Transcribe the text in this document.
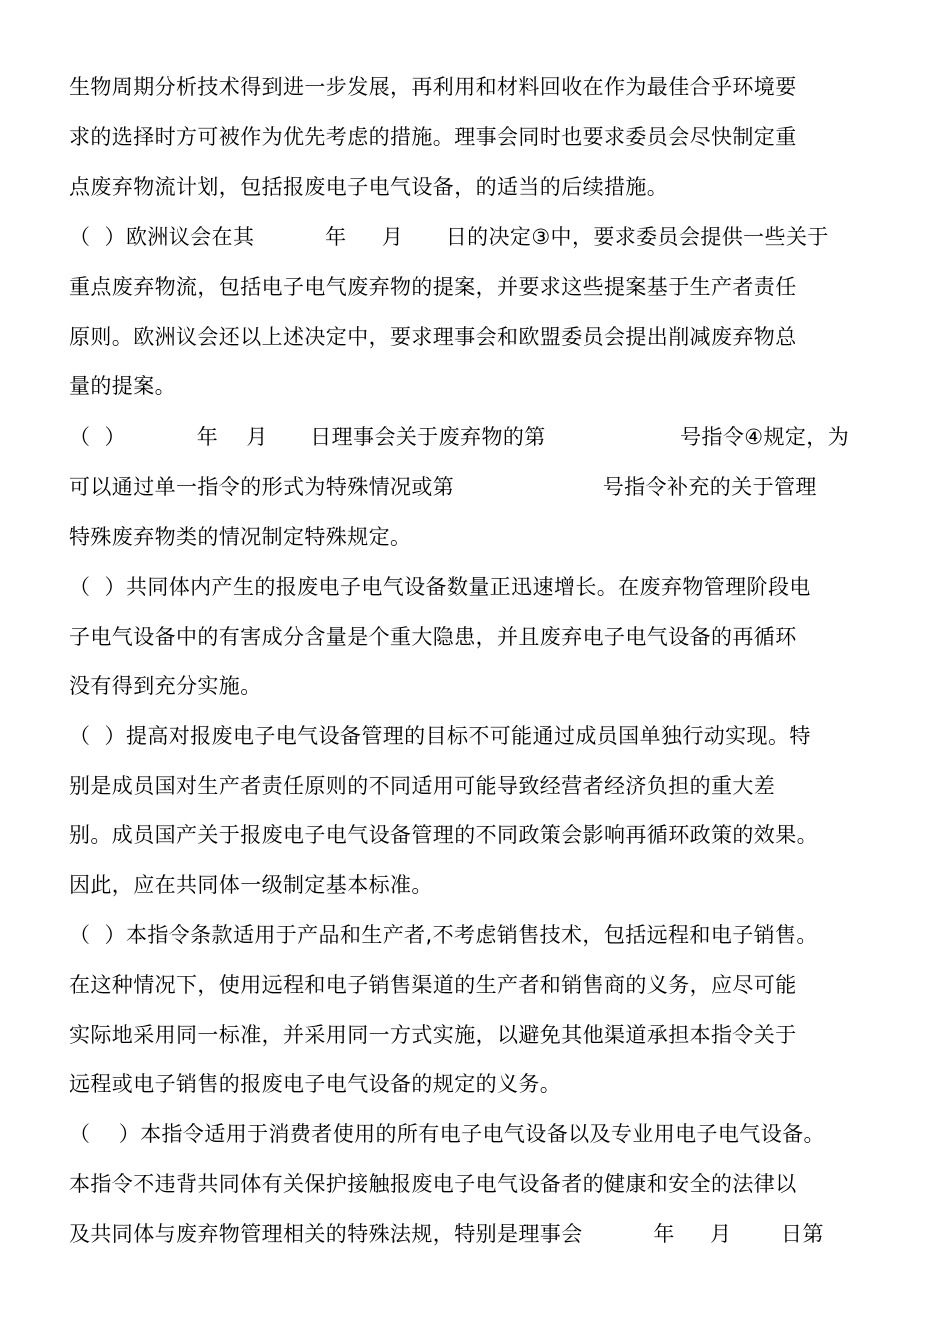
生物周期分析技术得到进一步发展，再利用和材料回收在作为最佳合乎环境要
求的选择时方可被作为优先考虑的措施。理事会同时也要求委员会尽快制定重
点废弃物流计划，包括报废电子电气设备，的适当的后续措施。
（  ）欧洲议会在其          年     月      日的决定③中，要求委员会提供一些关于
重点废弃物流，包括电子电气废弃物的提案，并要求这些提案基于生产者责任
原则。欧洲议会还以上述决定中，要求理事会和欧盟委员会提出削减废弃物总
量的提案。
（  ）          年    月      日理事会关于废弃物的第                   号指令④规定，为
可以通过单一指令的形式为特殊情况或第                     号指令补充的关于管理
特殊废弃物类的情况制定特殊规定。
（  ）共同体内产生的报废电子电气设备数量正迅速增长。在废弃物管理阶段电
子电气设备中的有害成分含量是个重大隐患，并且废弃电子电气设备的再循环
没有得到充分实施。
（  ）提高对报废电子电气设备管理的目标不可能通过成员国单独行动实现。特
别是成员国对生产者责任原则的不同适用可能导致经营者经济负担的重大差
别。成员国产关于报废电子电气设备管理的不同政策会影响再循环政策的效果。
因此，应在共同体一级制定基本标准。
（  ）本指令条款适用于产品和生产者,不考虑销售技术，包括远程和电子销售。
在这种情况下，使用远程和电子销售渠道的生产者和销售商的义务，应尽可能
实际地采用同一标准，并采用同一方式实施，以避免其他渠道承担本指令关于
远程或电子销售的报废电子电气设备的规定的义务。
（    ）本指令适用于消费者使用的所有电子电气设备以及专业用电子电气设备。
本指令不违背共同体有关保护接触报废电子电气设备者的健康和安全的法律以
及共同体与废弃物管理相关的特殊法规，特别是理事会          年     月       日第
